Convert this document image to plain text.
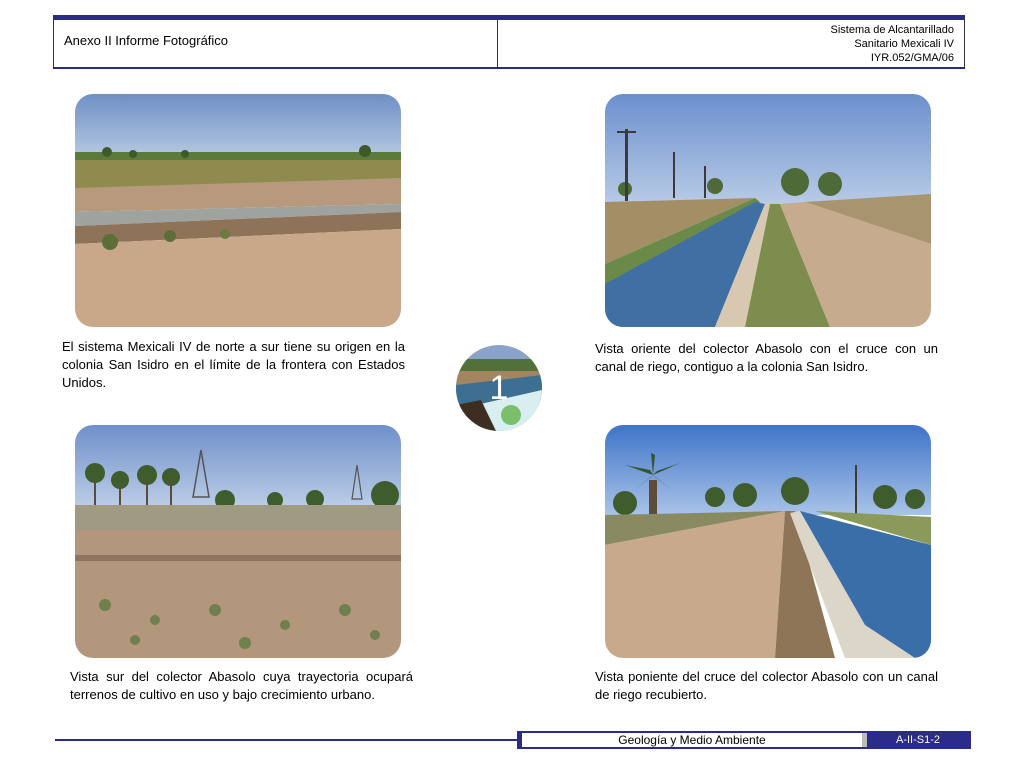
Anexo II Informe Fotográfico
Sistema de Alcantarillado
Sanitario Mexicali IV
IYR.052/GMA/06
El sistema Mexicali IV de norte a sur tiene su origen en la colonia San Isidro en el límite de la frontera con Estados Unidos.
Vista oriente del colector Abasolo con el cruce con un canal de riego, contiguo a la colonia San Isidro.
Vista sur del colector Abasolo cuya trayectoria ocupará terrenos de cultivo en uso y bajo crecimiento urbano.
Vista poniente del cruce del colector Abasolo con un canal de riego recubierto.
1
Geología y Medio Ambiente	A-II-S1-2
